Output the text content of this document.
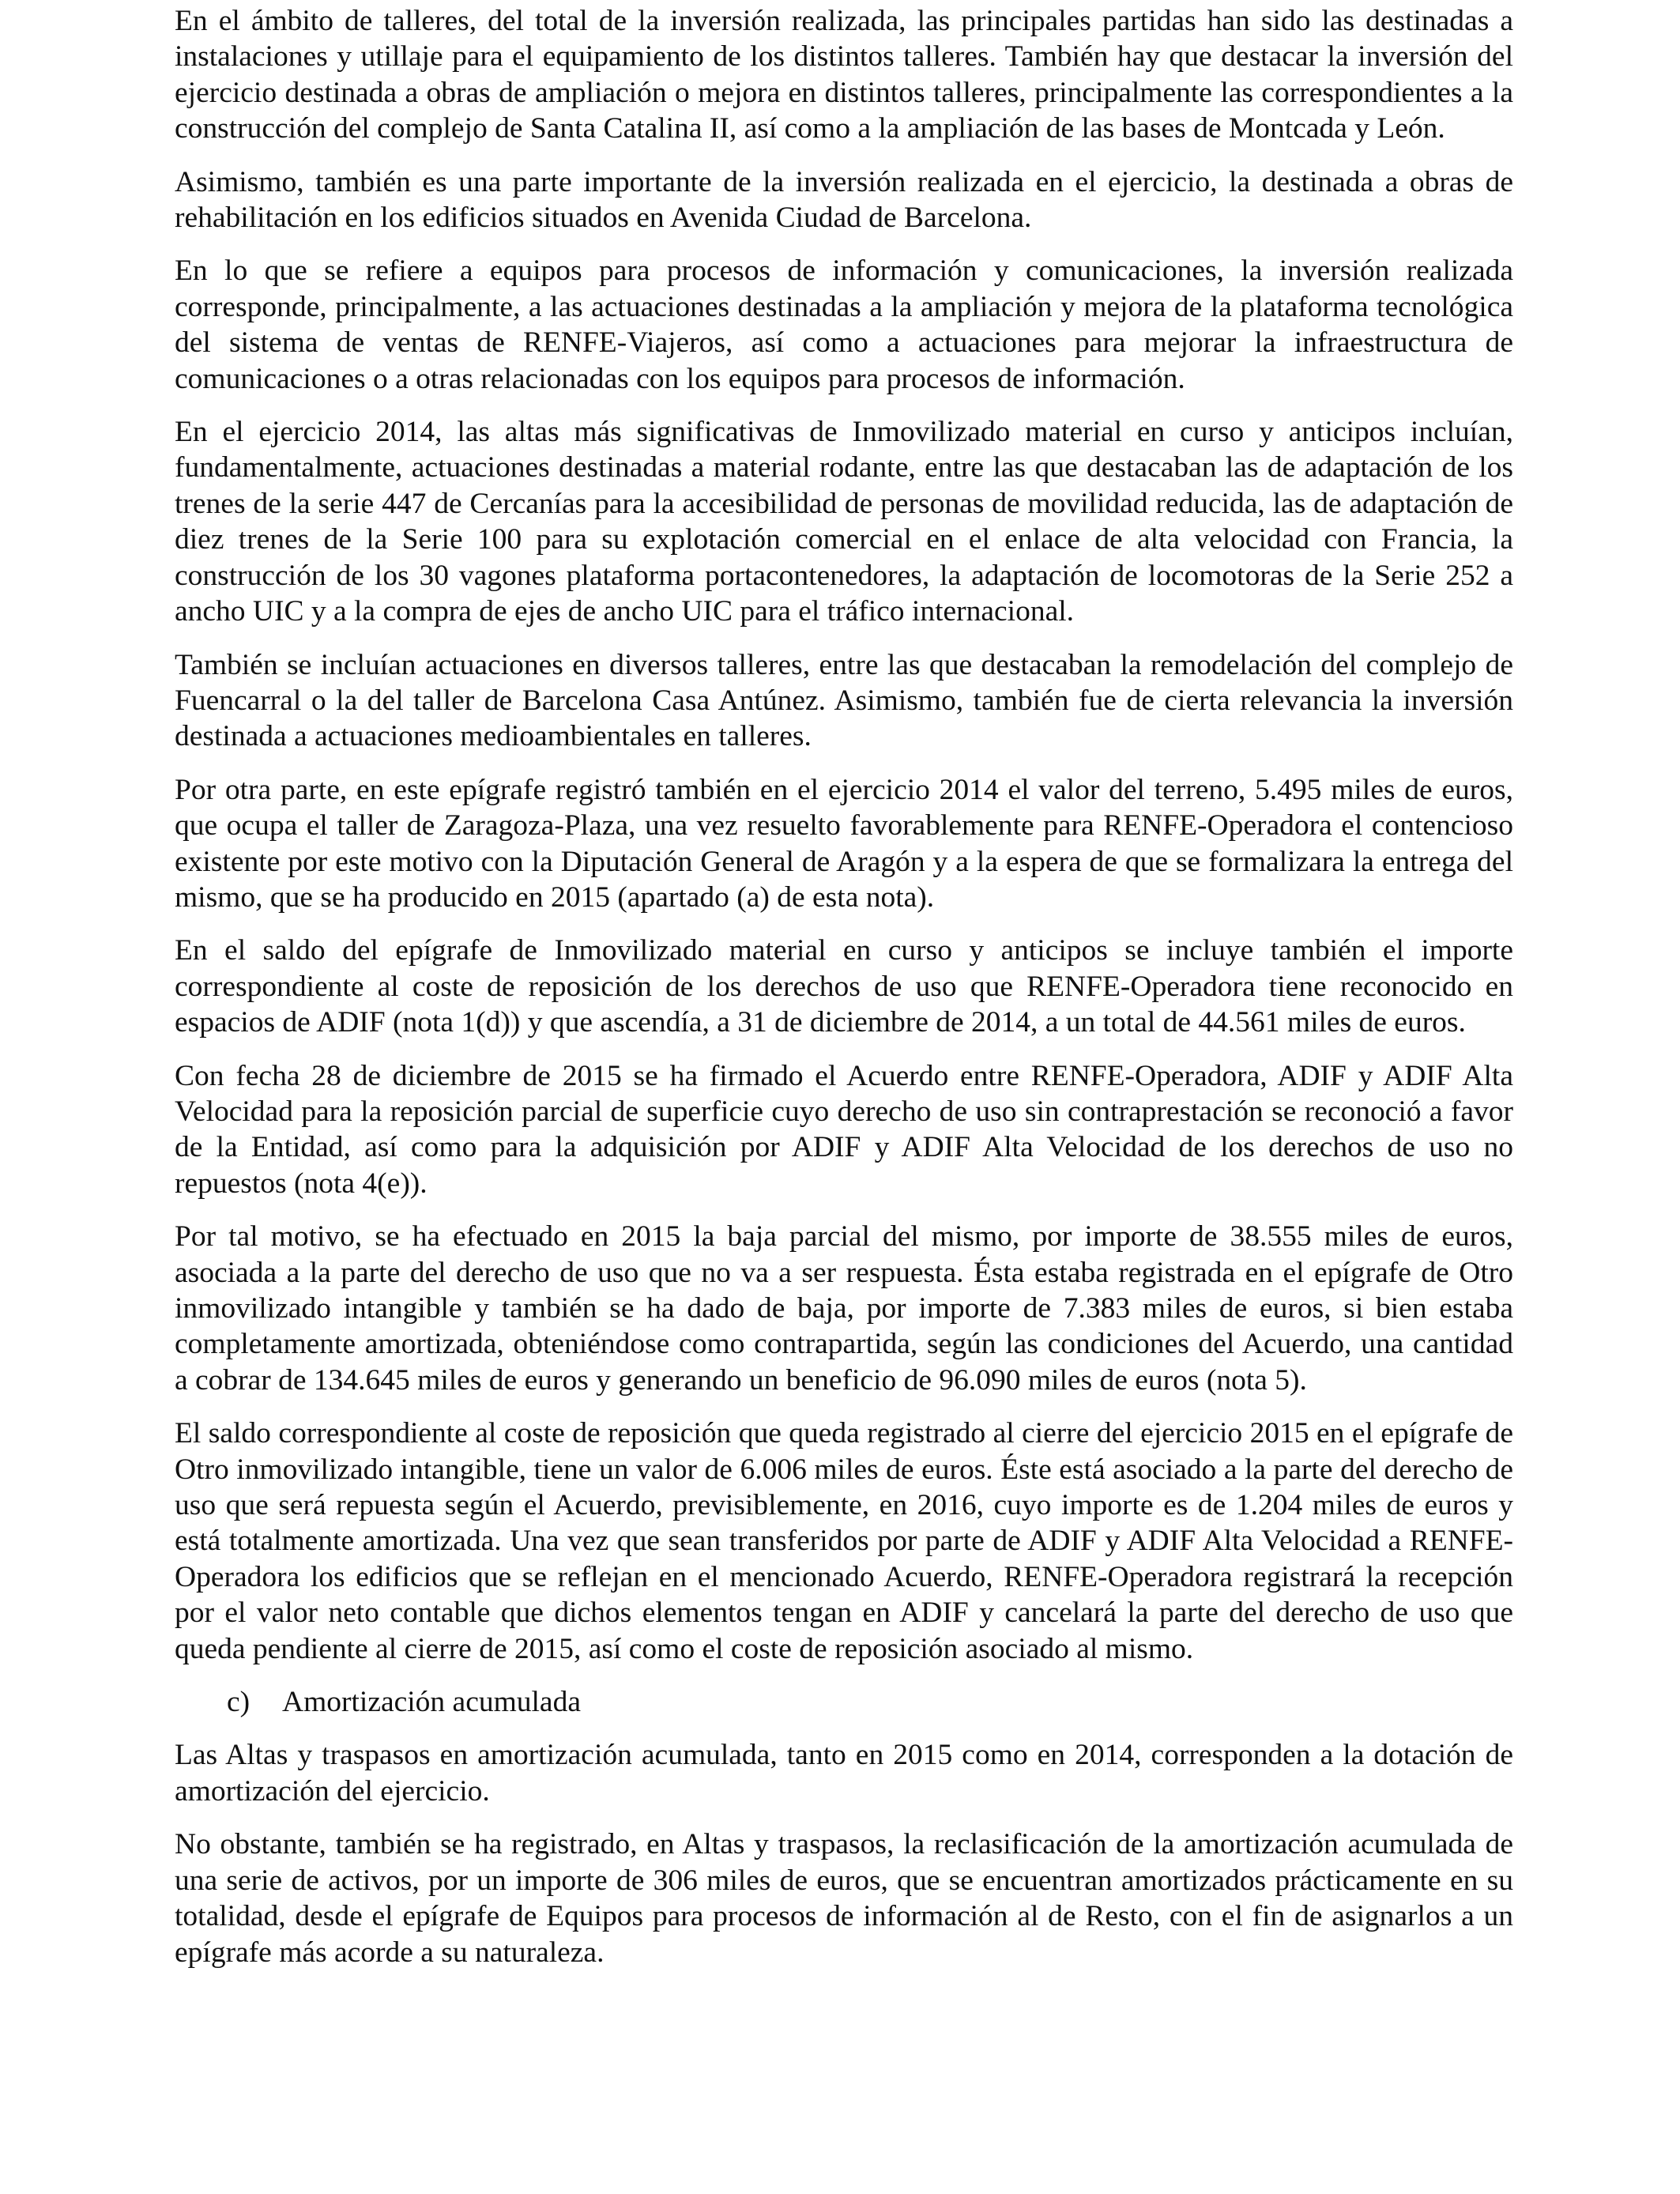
En el ámbito de talleres, del total de la inversión realizada, las principales partidas han sido las destinadas a instalaciones y utillaje para el equipamiento de los distintos talleres. También hay que destacar la inversión del ejercicio destinada a obras de ampliación o mejora en distintos talleres, principalmente las correspondientes a la construcción del complejo de Santa Catalina II, así como a la ampliación de las bases de Montcada y León.

Asimismo, también es una parte importante de la inversión realizada en el ejercicio, la destinada a obras de rehabilitación en los edificios situados en Avenida Ciudad de Barcelona.

En lo que se refiere a equipos para procesos de información y comunicaciones, la inversión realizada corresponde, principalmente, a las actuaciones destinadas a la ampliación y mejora de la plataforma tecnológica del sistema de ventas de RENFE-Viajeros, así como a actuaciones para mejorar la infraestructura de comunicaciones o a otras relacionadas con los equipos para procesos de información.

En el ejercicio 2014, las altas más significativas de Inmovilizado material en curso y anticipos incluían, fundamentalmente, actuaciones destinadas a material rodante, entre las que destacaban las de adaptación de los trenes de la serie 447 de Cercanías para la accesibilidad de personas de movilidad reducida, las de adaptación de diez trenes de la Serie 100 para su explotación comercial en el enlace de alta velocidad con Francia, la construcción de los 30 vagones plataforma portacontenedores, la adaptación de locomotoras de la Serie 252 a ancho UIC y a la compra de ejes de ancho UIC para el tráfico internacional.

También se incluían actuaciones en diversos talleres, entre las que destacaban la remodelación del complejo de Fuencarral o la del taller de Barcelona Casa Antúnez. Asimismo, también fue de cierta relevancia la inversión destinada a actuaciones medioambientales en talleres.

Por otra parte, en este epígrafe registró también en el ejercicio 2014 el valor del terreno, 5.495 miles de euros, que ocupa el taller de Zaragoza-Plaza, una vez resuelto favorablemente para RENFE-Operadora el contencioso existente por este motivo con la Diputación General de Aragón y a la espera de que se formalizara la entrega del mismo, que se ha producido en 2015 (apartado (a) de esta nota).

En el saldo del epígrafe de Inmovilizado material en curso y anticipos se incluye también el importe correspondiente al coste de reposición de los derechos de uso que RENFE-Operadora tiene reconocido en espacios de ADIF (nota 1(d)) y que ascendía, a 31 de diciembre de 2014, a un total de 44.561 miles de euros.

Con fecha 28 de diciembre de 2015 se ha firmado el Acuerdo entre RENFE-Operadora, ADIF y ADIF Alta Velocidad para la reposición parcial de superficie cuyo derecho de uso sin contraprestación se reconoció a favor de la Entidad, así como para la adquisición por ADIF y ADIF Alta Velocidad de los derechos de uso no repuestos (nota 4(e)).

Por tal motivo, se ha efectuado en 2015 la baja parcial del mismo, por importe de 38.555 miles de euros, asociada a la parte del derecho de uso que no va a ser respuesta. Ésta estaba registrada en el epígrafe de Otro inmovilizado intangible y también se ha dado de baja, por importe de 7.383 miles de euros, si bien estaba completamente amortizada, obteniéndose como contrapartida, según las condiciones del Acuerdo, una cantidad a cobrar de 134.645 miles de euros y generando un beneficio de 96.090 miles de euros (nota 5).

El saldo correspondiente al coste de reposición que queda registrado al cierre del ejercicio 2015 en el epígrafe de Otro inmovilizado intangible, tiene un valor de 6.006 miles de euros. Éste está asociado a la parte del derecho de uso que será repuesta según el Acuerdo, previsiblemente, en 2016, cuyo importe es de 1.204 miles de euros y está totalmente amortizada. Una vez que sean transferidos por parte de ADIF y ADIF Alta Velocidad a RENFE-Operadora los edificios que se reflejan en el mencionado Acuerdo, RENFE-Operadora registrará la recepción por el valor neto contable que dichos elementos tengan en ADIF y cancelará la parte del derecho de uso que queda pendiente al cierre de 2015, así como el coste de reposición asociado al mismo.

c)	Amortización acumulada

Las Altas y traspasos en amortización acumulada, tanto en 2015 como en 2014, corresponden a la dotación de amortización del ejercicio.

No obstante, también se ha registrado, en Altas y traspasos, la reclasificación de la amortización acumulada de una serie de activos, por un importe de 306 miles de euros, que se encuentran amortizados prácticamente en su totalidad, desde el epígrafe de Equipos para procesos de información al de Resto, con el fin de asignarlos a un epígrafe más acorde a su naturaleza.
